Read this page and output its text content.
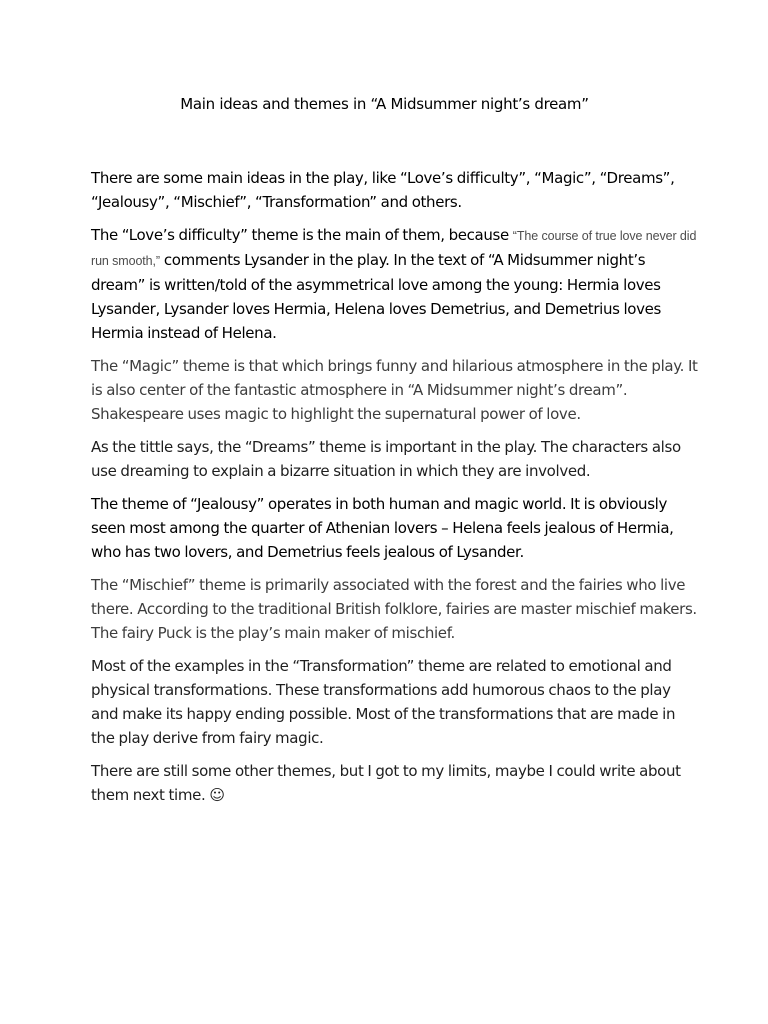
Main ideas and themes in “A Midsummer night’s dream”

There are some main ideas in the play, like “Love’s difficulty”, “Magic”, “Dreams”, “Jealousy”, “Mischief”, “Transformation” and others.

The “Love’s difficulty” theme is the main of them, because “The course of true love never did run smooth,” comments Lysander in the play. In the text of “A Midsummer night’s dream” is written/told of the asymmetrical love among the young: Hermia loves Lysander, Lysander loves Hermia, Helena loves Demetrius, and Demetrius loves Hermia instead of Helena.

The “Magic” theme is that which brings funny and hilarious atmosphere in the play. It is also center of the fantastic atmosphere in “A Midsummer night’s dream”. Shakespeare uses magic to highlight the supernatural power of love.

As the tittle says, the “Dreams” theme is important in the play. The characters also use dreaming to explain a bizarre situation in which they are involved.

The theme of “Jealousy” operates in both human and magic world. It is obviously seen most among the quarter of Athenian lovers – Helena feels jealous of Hermia, who has two lovers, and Demetrius feels jealous of Lysander.

The “Mischief” theme is primarily associated with the forest and the fairies who live there. According to the traditional British folklore, fairies are master mischief makers. The fairy Puck is the play’s main maker of mischief.

Most of the examples in the “Transformation” theme are related to emotional and physical transformations. These transformations add humorous chaos to the play and make its happy ending possible. Most of the transformations that are made in the play derive from fairy magic.

There are still some other themes, but I got to my limits, maybe I could write about them next time. ☺
